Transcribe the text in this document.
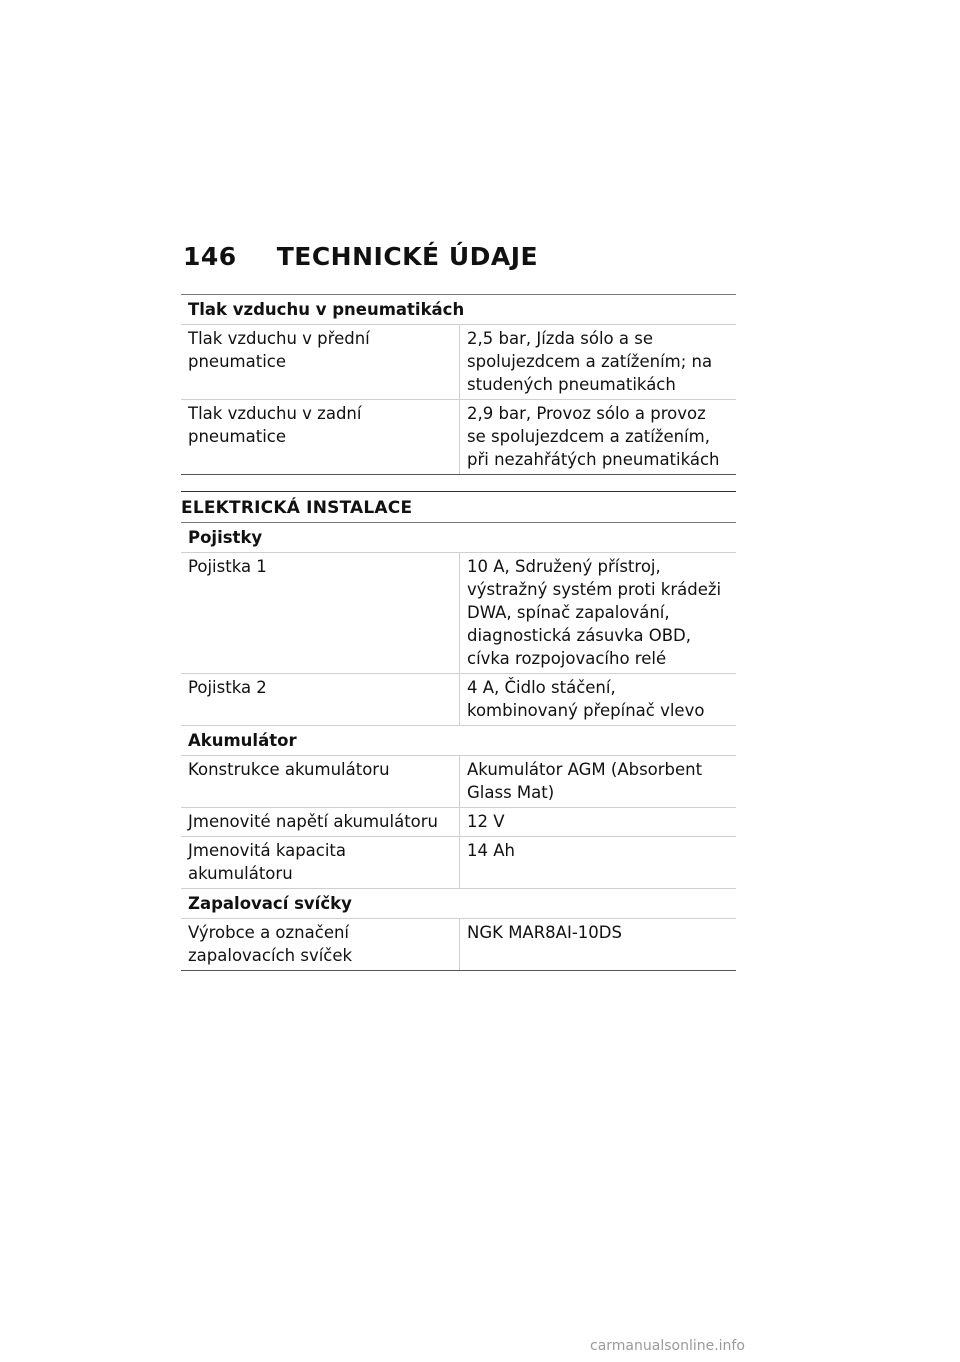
146 TECHNICKÉ ÚDAJE
Tlak vzduchu v pneumatikách	
Tlak vzduchu v přední pneumatice	2,5 bar, Jízda sólo a se spolujezdcem a zatížením; na studených pneumatikách
Tlak vzduchu v zadní pneumatice	2,9 bar, Provoz sólo a provoz se spolujezdcem a zatížením, při nezahřátých pneumatikách
ELEKTRICKÁ INSTALACE
Pojistky	
Pojistka 1	10 A, Sdružený přístroj, výstražný systém proti krádeži DWA, spínač zapalování, diagnostická zásuvka OBD, cívka rozpojovacího relé
Pojistka 2	4 A, Čidlo stáčení, kombinovaný přepínač vlevo
Akumulátor	
Konstrukce akumulátoru	Akumulátor AGM (Absorbent Glass Mat)
Jmenovité napětí akumulátoru	12 V
Jmenovitá kapacita akumulátoru	14 Ah
Zapalovací svíčky	
Výrobce a označení zapalovacích svíček	NGK MAR8AI-10DS
carmanualsonline.info
